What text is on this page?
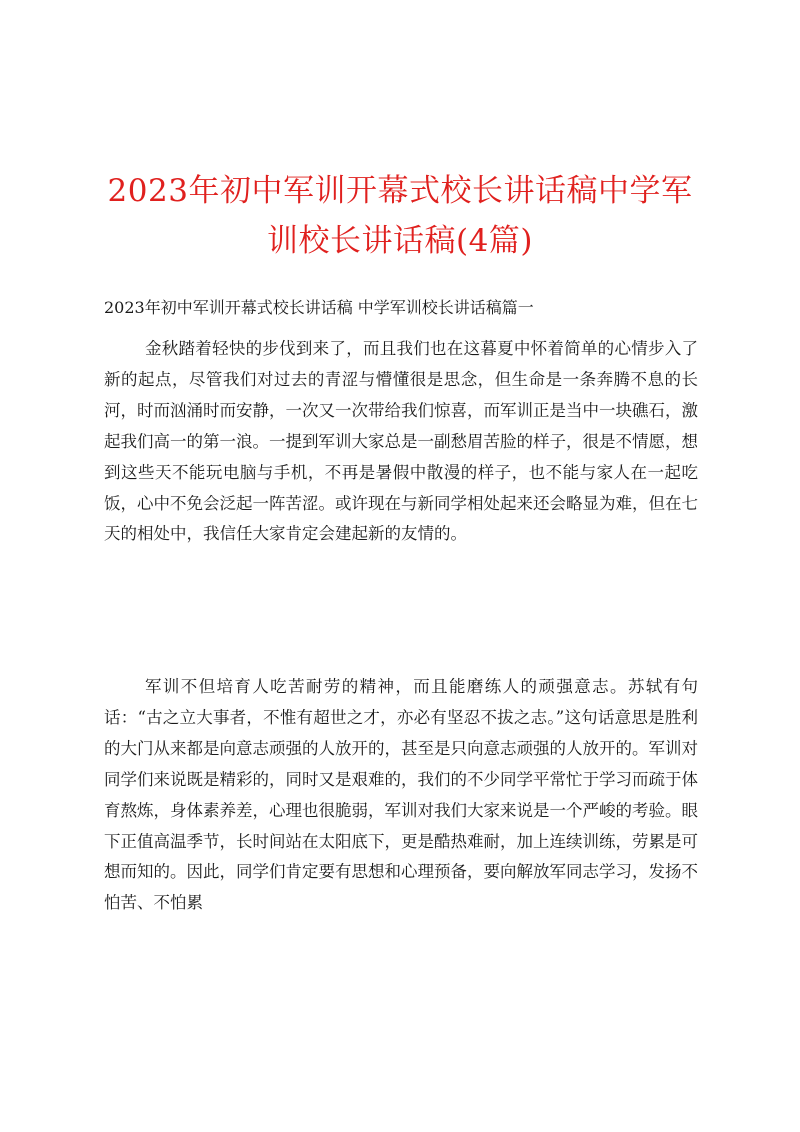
2023年初中军训开幕式校长讲话稿中学军训校长讲话稿(4篇)

2023年初中军训开幕式校长讲话稿 中学军训校长讲话稿篇一

金秋踏着轻快的步伐到来了，而且我们也在这暮夏中怀着简单的心情步入了新的起点，尽管我们对过去的青涩与懵懂很是思念，但生命是一条奔腾不息的长河，时而汹涌时而安静，一次又一次带给我们惊喜，而军训正是当中一块礁石，激起我们高一的第一浪。一提到军训大家总是一副愁眉苦脸的样子，很是不情愿，想到这些天不能玩电脑与手机，不再是暑假中散漫的样子，也不能与家人在一起吃饭，心中不免会泛起一阵苦涩。或许现在与新同学相处起来还会略显为难，但在七天的相处中，我信任大家肯定会建起新的友情的。

军训不但培育人吃苦耐劳的精神，而且能磨练人的顽强意志。苏轼有句话：“古之立大事者，不惟有超世之才，亦必有坚忍不拔之志。”这句话意思是胜利的大门从来都是向意志顽强的人放开的，甚至是只向意志顽强的人放开的。军训对同学们来说既是精彩的，同时又是艰难的，我们的不少同学平常忙于学习而疏于体育熬炼，身体素养差，心理也很脆弱，军训对我们大家来说是一个严峻的考验。眼下正值高温季节，长时间站在太阳底下，更是酷热难耐，加上连续训练，劳累是可想而知的。因此，同学们肯定要有思想和心理预备，要向解放军同志学习，发扬不怕苦、不怕累
